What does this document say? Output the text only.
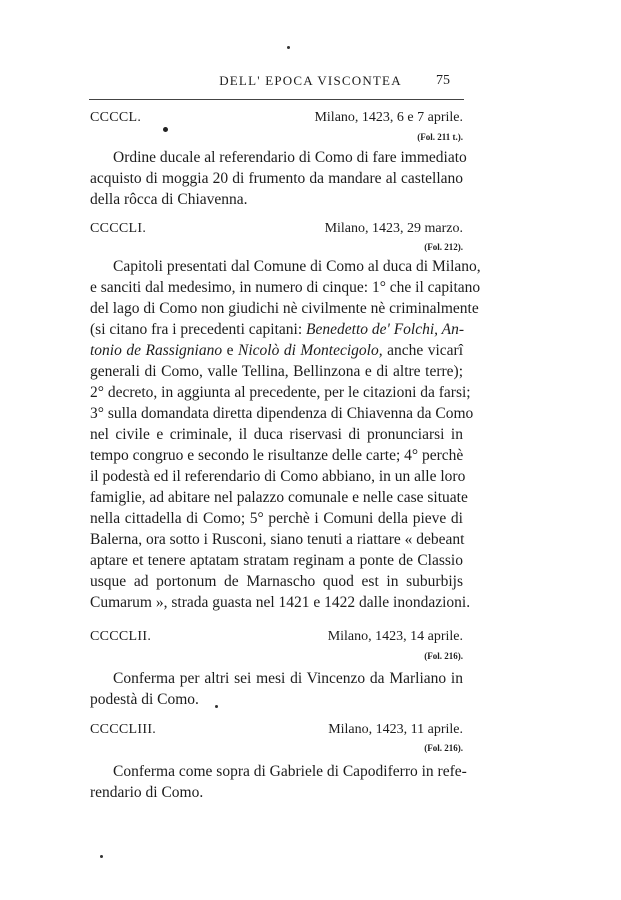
DELL' EPOCA VISCONTEA	75
CCCCL.	Milano, 1423, 6 e 7 aprile.
(Fol. 211 t.).
Ordine ducale al referendario di Como di fare immediato
acquisto di moggia 20 di frumento da mandare al castellano
della rôcca di Chiavenna.
CCCCLI.	Milano, 1423, 29 marzo.
(Fol. 212).
Capitoli presentati dal Comune di Como al duca di Milano,
e sanciti dal medesimo, in numero di cinque: 1° che il capitano
del lago di Como non giudichi nè civilmente nè criminalmente
(si citano fra i precedenti capitani: Benedetto de' Folchi, An-
tonio de Rassigniano e Nicolò di Montecigolo, anche vicarî
generali di Como, valle Tellina, Bellinzona e di altre terre);
2° decreto, in aggiunta al precedente, per le citazioni da farsi;
3° sulla domandata diretta dipendenza di Chiavenna da Como
nel civile e criminale, il duca riservasi di pronunciarsi in
tempo congruo e secondo le risultanze delle carte; 4° perchè
il podestà ed il referendario di Como abbiano, in un alle loro
famiglie, ad abitare nel palazzo comunale e nelle case situate
nella cittadella di Como; 5° perchè i Comuni della pieve di
Balerna, ora sotto i Rusconi, siano tenuti a riattare « debeant
aptare et tenere aptatam stratam reginam a ponte de Classio
usque ad portonum de Marnascho quod est in suburbijs
Cumarum », strada guasta nel 1421 e 1422 dalle inondazioni.
CCCCLII.	Milano, 1423, 14 aprile.
(Fol. 216).
Conferma per altri sei mesi di Vincenzo da Marliano in
podestà di Como.
CCCCLIII.	Milano, 1423, 11 aprile.
(Fol. 216).
Conferma come sopra di Gabriele di Capodiferro in refe-
rendario di Como.
